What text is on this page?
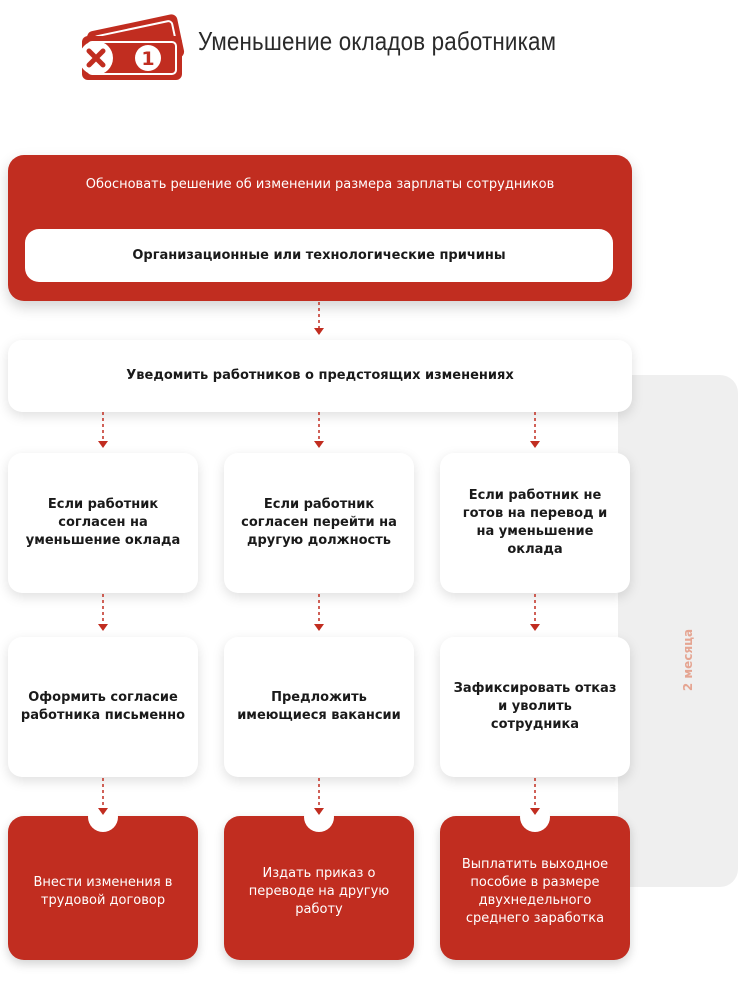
1
Уменьшение окладов работникам
2 месяца
Обосновать решение об изменении размера зарплаты сотрудников
Организационные или технологические причины
Уведомить работников о предстоящих изменениях
Если работник согласен на уменьшение оклада
Если работник согласен перейти на другую должность
Если работник не готов на перевод и на уменьшение оклада
Оформить согласие работника письменно
Предложить имеющиеся вакансии
Зафиксировать отказ и уволить сотрудника
Внести изменения в трудовой договор
Издать приказ о переводе на другую работу
Выплатить выходное пособие в размере двухнедельного среднего заработка
